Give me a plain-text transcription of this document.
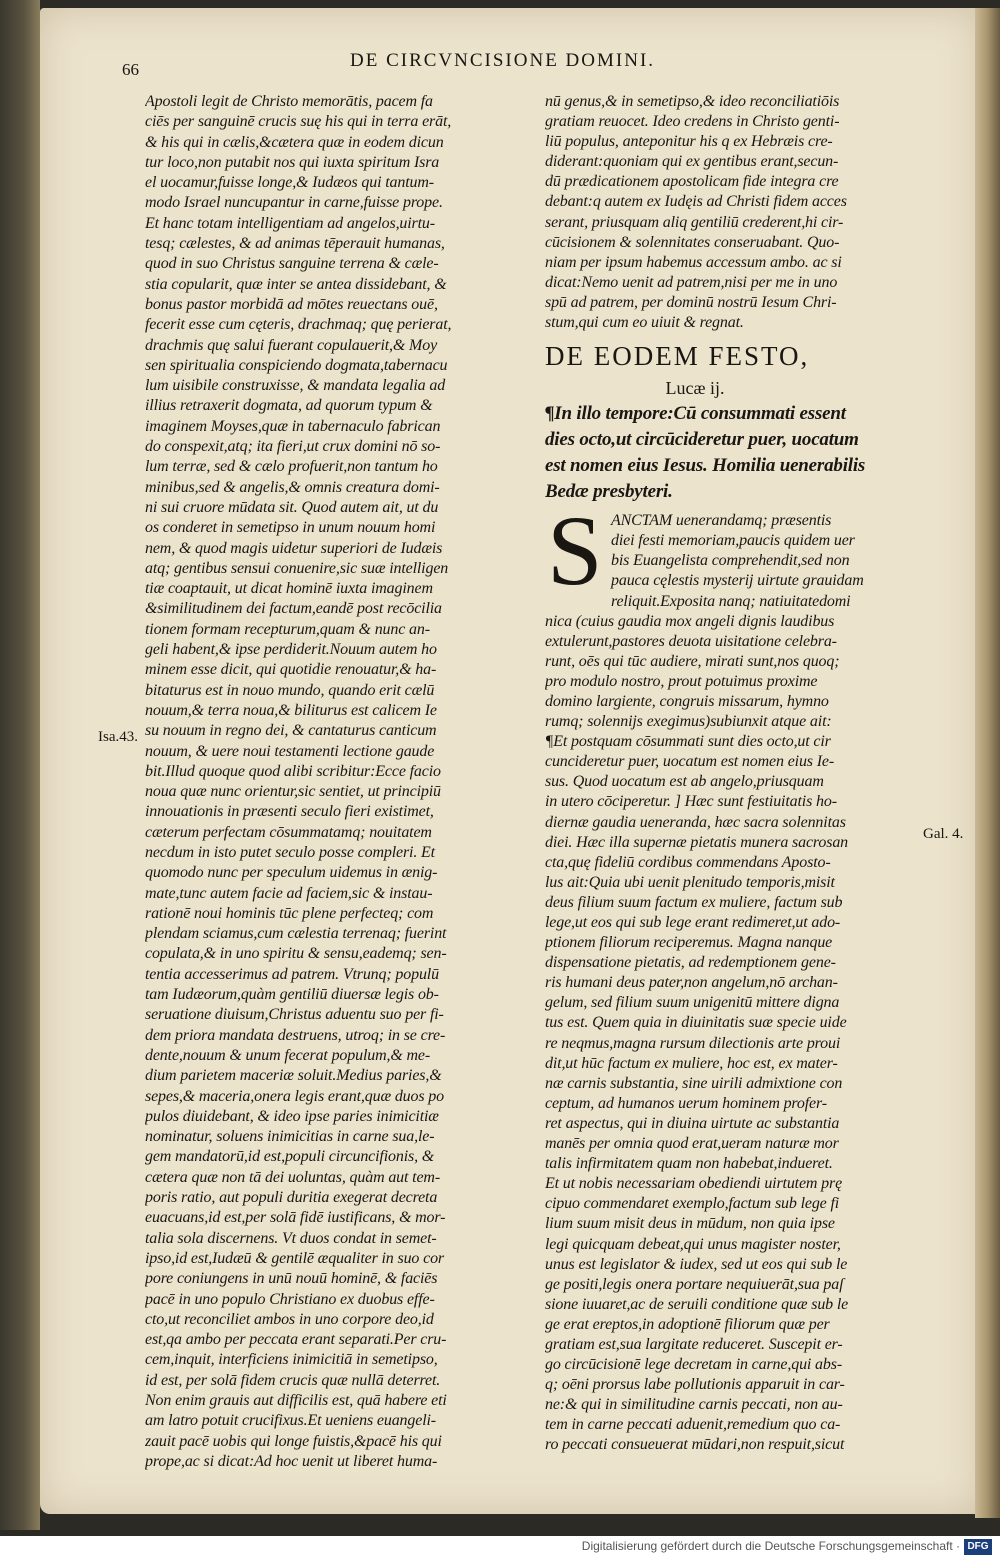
66	DE CIRCVNCISIONE DOMINI.
Apostoli legit de Christo memorātis, pacem fa
ciēs per sanguinē crucis suę his qui in terra erāt,
& his qui in cælis,&cætera quæ in eodem dicun
tur loco,non putabit nos qui iuxta spiritum Isra
el uocamur,fuisse longe,& Iudæos qui tantum-
modo Israel nuncupantur in carne,fuisse prope.
Et hanc totam intelligentiam ad angelos,uirtu-
tesq; cælestes, & ad animas tēperauit humanas,
quod in suo Christus sanguine terrena & cæle-
stia copularit, quæ inter se antea dissidebant, &
bonus pastor morbidā ad mōtes reuectans ouē,
fecerit esse cum cęteris, drachmaq; quę perierat,
drachmis quę salui fuerant copulauerit,& Moy
sen spiritualia conspiciendo dogmata,tabernacu
lum uisibile construxisse, & mandata legalia ad
illius retraxerit dogmata, ad quorum typum &
imaginem Moyses,quæ in tabernaculo fabrican
do conspexit,atq; ita fieri,ut crux domini nō so-
lum terræ, sed & cælo profuerit,non tantum ho
minibus,sed & angelis,& omnis creatura domi-
ni sui cruore mūdata sit. Quod autem ait, ut du
os conderet in semetipso in unum nouum homi
nem, & quod magis uidetur superiori de Iudæis
atq; gentibus sensui conuenire,sic suæ intelligen
tiæ coaptauit, ut dicat hominē iuxta imaginem
&similitudinem dei factum,eandē post recōcilia
tionem formam recepturum,quam & nunc an-
geli habent,& ipse perdiderit.Nouum autem ho
minem esse dicit, qui quotidie renouatur,& ha-
bitaturus est in nouo mundo, quando erit cælū
nouum,& terra noua,& biliturus est calicem Ie
su nouum in regno dei, & cantaturus canticum
nouum, & uere noui testamenti lectione gaude
bit.Illud quoque quod alibi scribitur:Ecce facio
noua quæ nunc orientur,sic sentiet, ut principiū
innouationis in præsenti seculo fieri existimet,
cæterum perfectam cōsummatamq; nouitatem
necdum in isto putet seculo posse compleri. Et
quomodo nunc per speculum uidemus in ænig-
mate,tunc autem facie ad faciem,sic & instau-
rationē noui hominis tūc plene perfecteq; com
plendam sciamus,cum cælestia terrenaq; fuerint
copulata,& in uno spiritu & sensu,eademq; sen-
tentia accesserimus ad patrem. Vtrunq; populū
tam Iudæorum,quàm gentiliū diuersæ legis ob-
seruatione diuisum,Christus aduentu suo per fi-
dem priora mandata destruens, utroq; in se cre-
dente,nouum & unum fecerat populum,& me-
dium parietem maceriæ soluit.Medius paries,&
sepes,& maceria,onera legis erant,quæ duos po
pulos diuidebant, & ideo ipse paries inimicitiæ
nominatur, soluens inimicitias in carne sua,le-
gem mandatorū,id est,populi circuncifionis, &
cætera quæ non tā dei uoluntas, quàm aut tem-
poris ratio, aut populi duritia exegerat decreta
euacuans,id est,per solā fidē iustificans, & mor-
talia sola discernens. Vt duos condat in semet-
ipso,id est,Iudæū & gentilē æqualiter in suo cor
pore coniungens in unū nouū hominē, & faciēs
pacē in uno populo Christiano ex duobus effe-
cto,ut reconciliet ambos in uno corpore deo,id
est,qa ambo per peccata erant separati.Per cru-
cem,inquit, interficiens inimicitiā in semetipso,
id est, per solā fidem crucis quæ nullā deterret.
Non enim grauis aut difficilis est, quā habere eti
am latro potuit crucifixus.Et ueniens euangeli-
zauit pacē uobis qui longe fuistis,&pacē his qui
prope,ac si dicat:Ad hoc uenit ut liberet huma-
nū genus,& in semetipso,& ideo reconciliatiōis
gratiam reuocet. Ideo credens in Christo genti-
liū populus, anteponitur his q ex Hebræis cre-
diderant:quoniam qui ex gentibus erant,secun-
dū prædicationem apostolicam fide integra cre
debant:q autem ex Iudęis ad Christi fidem acces
serant, priusquam aliq gentiliū crederent,hi cir-
cūcisionem & solennitates conseruabant. Quo-
niam per ipsum habemus accessum ambo. ac si
dicat:Nemo uenit ad patrem,nisi per me in uno
spū ad patrem, per dominū nostrū Iesum Chri-
stum,qui cum eo uiuit & regnat.
DE EODEM FESTO,
Lucæ ij.
¶In illo tempore:Cū consummati essent
dies octo,ut circūcideretur puer, uocatum
est nomen eius Iesus. Homilia uenerabilis
Bedæ presbyteri.
S ANCTAM uenerandamq; præsentis
diei festi memoriam,paucis quidem uer
bis Euangelista comprehendit,sed non
pauca cęlestis mysterij uirtute grauidam
reliquit.Exposita nanq; natiuitatedomi
nica (cuius gaudia mox angeli dignis laudibus
extulerunt,pastores deuota uisitatione celebra-
runt, oēs qui tūc audiere, mirati sunt,nos quoq;
pro modulo nostro, prout potuimus proxime
domino largiente, congruis missarum, hymno
rumq; solennijs exegimus)subiunxit atque ait:
¶Et postquam cōsummati sunt dies octo,ut cir
cuncideretur puer, uocatum est nomen eius Ie-
sus. Quod uocatum est ab angelo,priusquam
in utero cōciperetur. ] Hæc sunt festiuitatis ho-
diernæ gaudia ueneranda, hæc sacra solennitas
diei. Hæc illa supernæ pietatis munera sacrosan
cta,quę fideliū cordibus commendans Aposto-
lus ait:Quia ubi uenit plenitudo temporis,misit
deus filium suum factum ex muliere, factum sub
lege,ut eos qui sub lege erant redimeret,ut ado-
ptionem filiorum reciperemus. Magna nanque
dispensatione pietatis, ad redemptionem gene-
ris humani deus pater,non angelum,nō archan-
gelum, sed filium suum unigenitū mittere digna
tus est. Quem quia in diuinitatis suæ specie uide
re neqmus,magna rursum dilectionis arte proui
dit,ut hūc factum ex muliere, hoc est, ex mater-
næ carnis substantia, sine uirili admixtione con
ceptum, ad humanos uerum hominem profer-
ret aspectus, qui in diuina uirtute ac substantia
manēs per omnia quod erat,ueram naturæ mor
talis infirmitatem quam non habebat,indueret.
Et ut nobis necessariam obediendi uirtutem prę
cipuo commendaret exemplo,factum sub lege fi
lium suum misit deus in mūdum, non quia ipse
legi quicquam debeat,qui unus magister noster,
unus est legislator & iudex, sed ut eos qui sub le
ge positi,legis onera portare nequiuerāt,sua paſ
sione iuuaret,ac de seruili conditione quæ sub le
ge erat ereptos,in adoptionē filiorum quæ per
gratiam est,sua largitate reduceret. Suscepit er-
go circūcisionē lege decretam in carne,qui abs-
q; oēni prorsus labe pollutionis apparuit in car-
ne:& qui in similitudine carnis peccati, non au-
tem in carne peccati aduenit,remedium quo ca-
ro peccati consueuerat mūdari,non respuit,sicut
Isa.43.
Gal. 4.
Digitalisierung gefördert durch die Deutsche Forschungsgemeinschaft · DFG
